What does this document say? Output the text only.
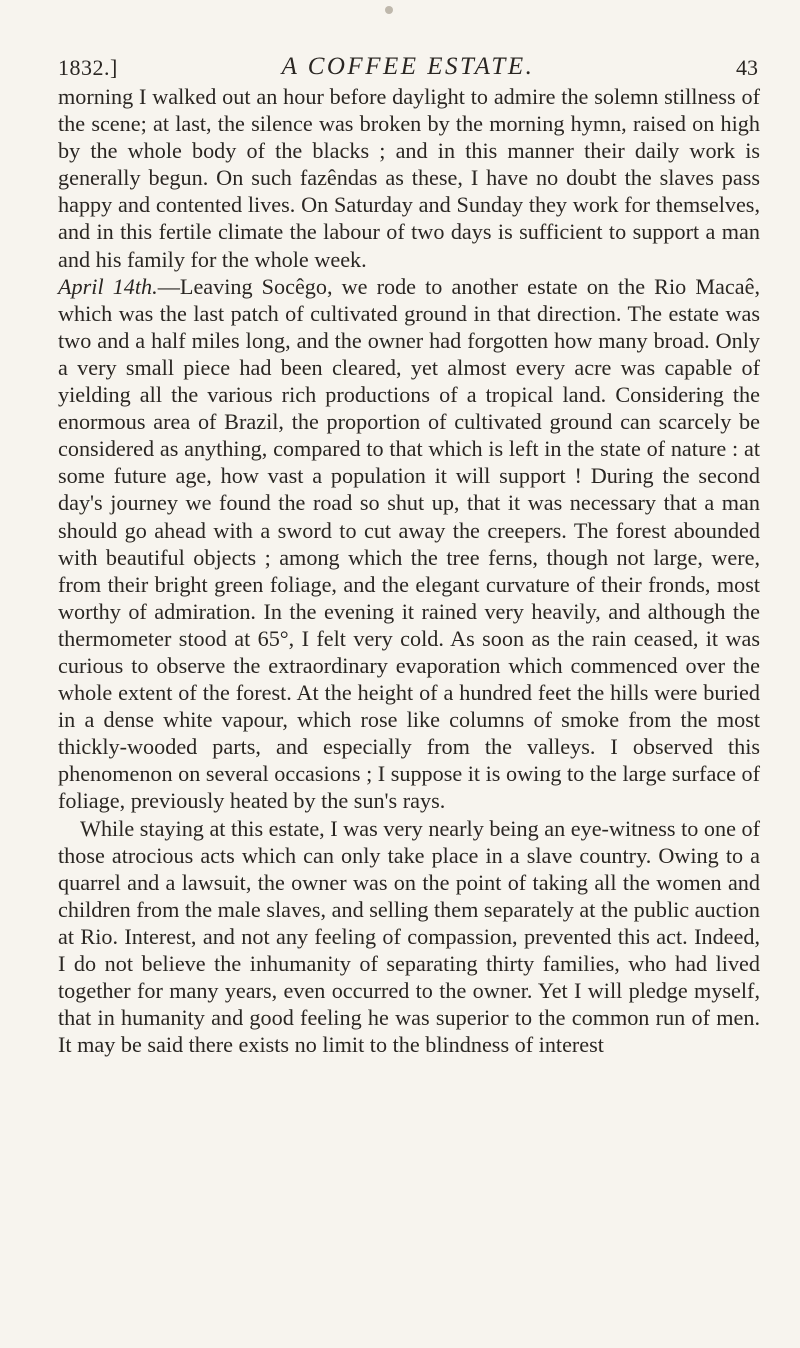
1832.]	A COFFEE ESTATE.	43

morning I walked out an hour before daylight to admire the solemn stillness of the scene; at last, the silence was broken by the morning hymn, raised on high by the whole body of the blacks ; and in this manner their daily work is generally begun. On such fazêndas as these, I have no doubt the slaves pass happy and contented lives. On Saturday and Sunday they work for themselves, and in this fertile climate the labour of two days is sufficient to support a man and his family for the whole week.

April 14th.—Leaving Socêgo, we rode to another estate on the Rio Macaê, which was the last patch of cultivated ground in that direction. The estate was two and a half miles long, and the owner had forgotten how many broad. Only a very small piece had been cleared, yet almost every acre was capable of yielding all the various rich productions of a tropical land. Considering the enormous area of Brazil, the proportion of cultivated ground can scarcely be considered as anything, compared to that which is left in the state of nature : at some future age, how vast a population it will support ! During the second day's journey we found the road so shut up, that it was necessary that a man should go ahead with a sword to cut away the creepers. The forest abounded with beautiful objects ; among which the tree ferns, though not large, were, from their bright green foliage, and the elegant curvature of their fronds, most worthy of admiration. In the evening it rained very heavily, and although the thermometer stood at 65°, I felt very cold. As soon as the rain ceased, it was curious to observe the extraordinary evaporation which commenced over the whole extent of the forest. At the height of a hundred feet the hills were buried in a dense white vapour, which rose like columns of smoke from the most thickly-wooded parts, and especially from the valleys. I observed this phenomenon on several occasions ; I suppose it is owing to the large surface of foliage, previously heated by the sun's rays.

While staying at this estate, I was very nearly being an eye-witness to one of those atrocious acts which can only take place in a slave country. Owing to a quarrel and a lawsuit, the owner was on the point of taking all the women and children from the male slaves, and selling them separately at the public auction at Rio. Interest, and not any feeling of compassion, prevented this act. Indeed, I do not believe the inhumanity of separating thirty families, who had lived together for many years, even occurred to the owner. Yet I will pledge myself, that in humanity and good feeling he was superior to the common run of men. It may be said there exists no limit to the blindness of interest
